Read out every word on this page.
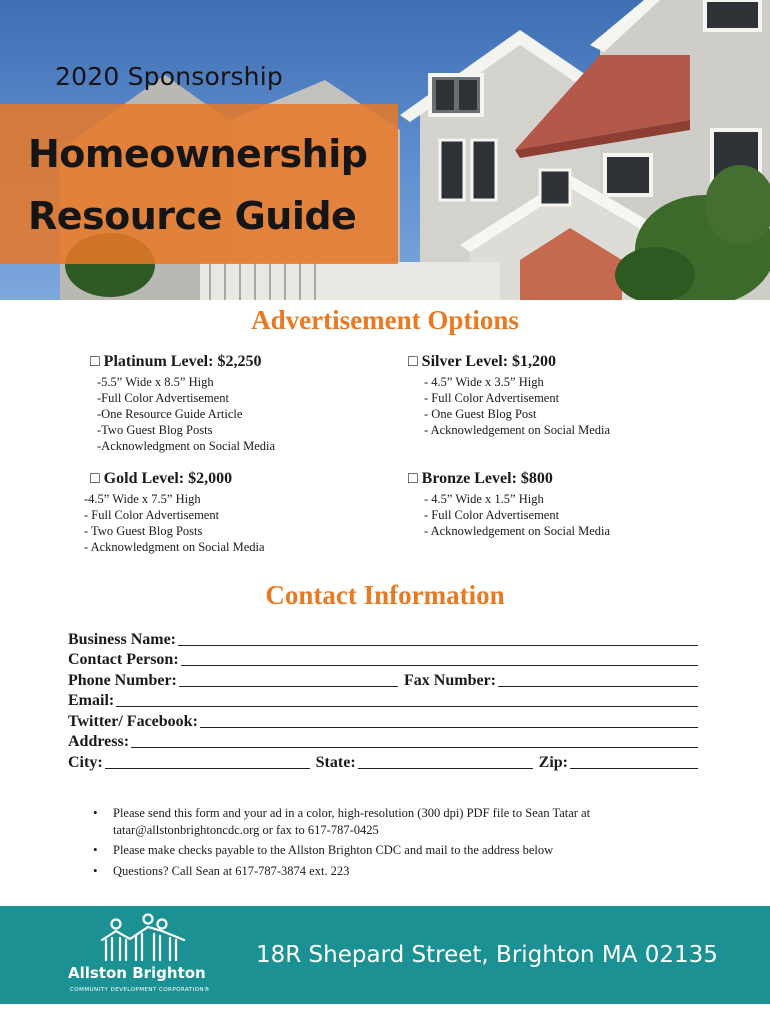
2020 Sponsorship
Homeownership
Resource Guide
Advertisement Options
□ Platinum Level: $2,250
-5.5” Wide x 8.5” High
-Full Color Advertisement
-One Resource Guide Article
-Two Guest Blog Posts
-Acknowledgment on Social Media
□ Silver Level: $1,200
- 4.5” Wide x 3.5” High
- Full Color Advertisement
- One Guest Blog Post
- Acknowledgement on Social Media
□ Gold Level: $2,000
-4.5” Wide x 7.5” High
- Full Color Advertisement
- Two Guest Blog Posts
- Acknowledgment on Social Media
□ Bronze Level: $800
- 4.5” Wide x 1.5” High
- Full Color Advertisement
- Acknowledgement on Social Media
Contact Information
Business Name:
Contact Person:
Phone Number:	Fax Number:
Email:
Twitter/ Facebook:
Address:
City:	State:	Zip:
• Please send this form and your ad in a color, high-resolution (300 dpi) PDF file to Sean Tatar at tatar@allstonbrightoncdc.org or fax to 617-787-0425
• Please make checks payable to the Allston Brighton CDC and mail to the address below
• Questions? Call Sean at 617-787-3874 ext. 223
Allston Brighton
COMMUNITY DEVELOPMENT CORPORATION®
18R Shepard Street, Brighton MA 02135
